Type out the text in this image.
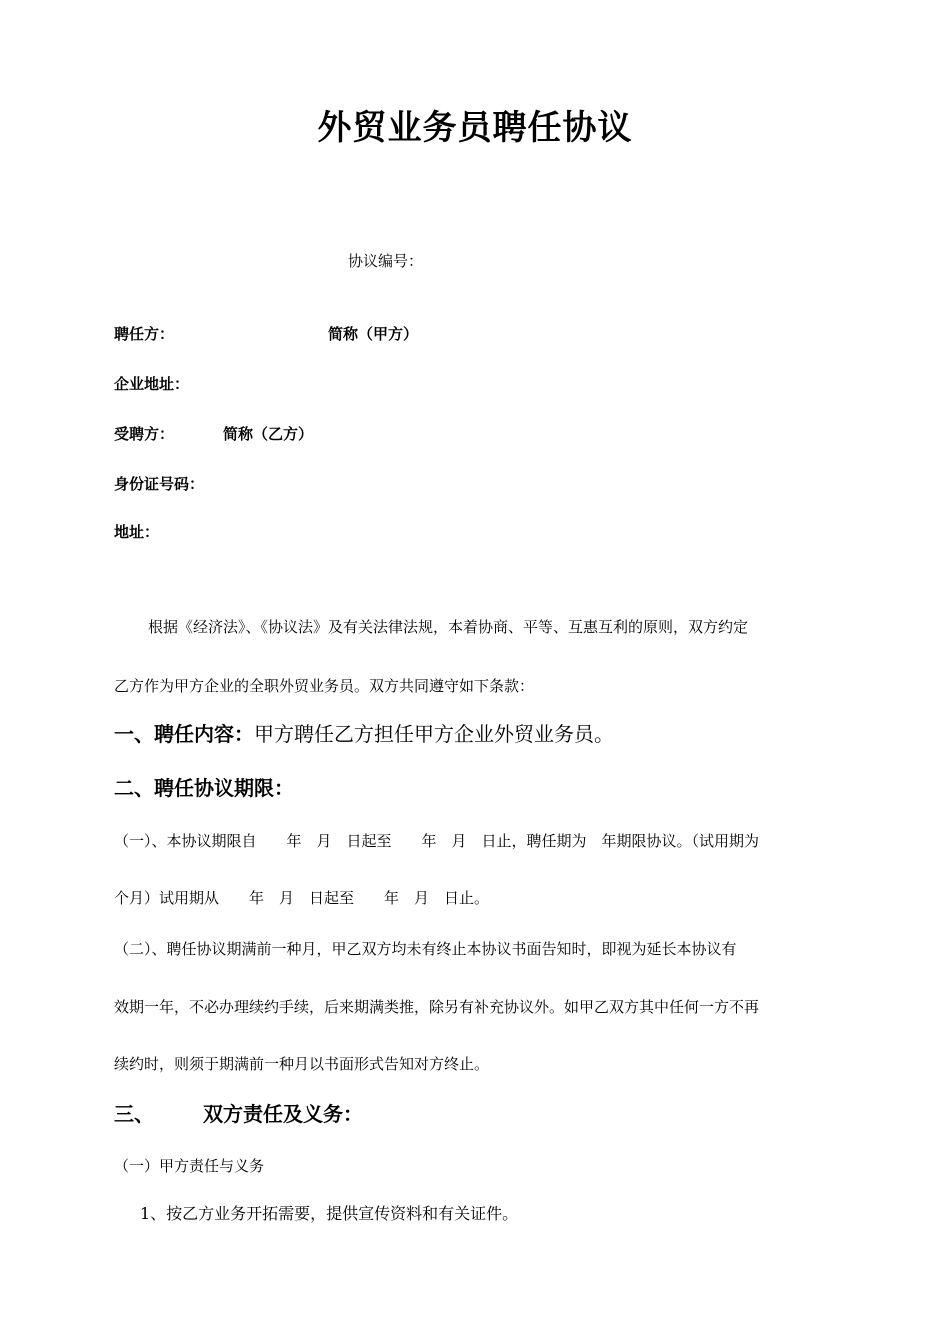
外贸业务员聘任协议
协议编号：
聘任方：	简称（甲方）
企业地址：
受聘方：	简称（乙方）
身份证号码：
地址：
根据《经济法》、《协议法》及有关法律法规，本着协商、平等、互惠互利的原则，双方约定
乙方作为甲方企业的全职外贸业务员。双方共同遵守如下条款：
一、聘任内容：甲方聘任乙方担任甲方企业外贸业务员。
二、聘任协议期限：
（一）、本协议期限自　　年　月　日起至　　年　月　日止，聘任期为　年期限协议。（试用期为
个月）试用期从　　年　月　日起至　　年　月　日止。
（二）、聘任协议期满前一种月，甲乙双方均未有终止本协议书面告知时，即视为延长本协议有
效期一年，不必办理续约手续，后来期满类推，除另有补充协议外。如甲乙双方其中任何一方不再
续约时，则须于期满前一种月以书面形式告知对方终止。
三、 双方责任及义务：
（一）甲方责任与义务
1、按乙方业务开拓需要，提供宣传资料和有关证件。
